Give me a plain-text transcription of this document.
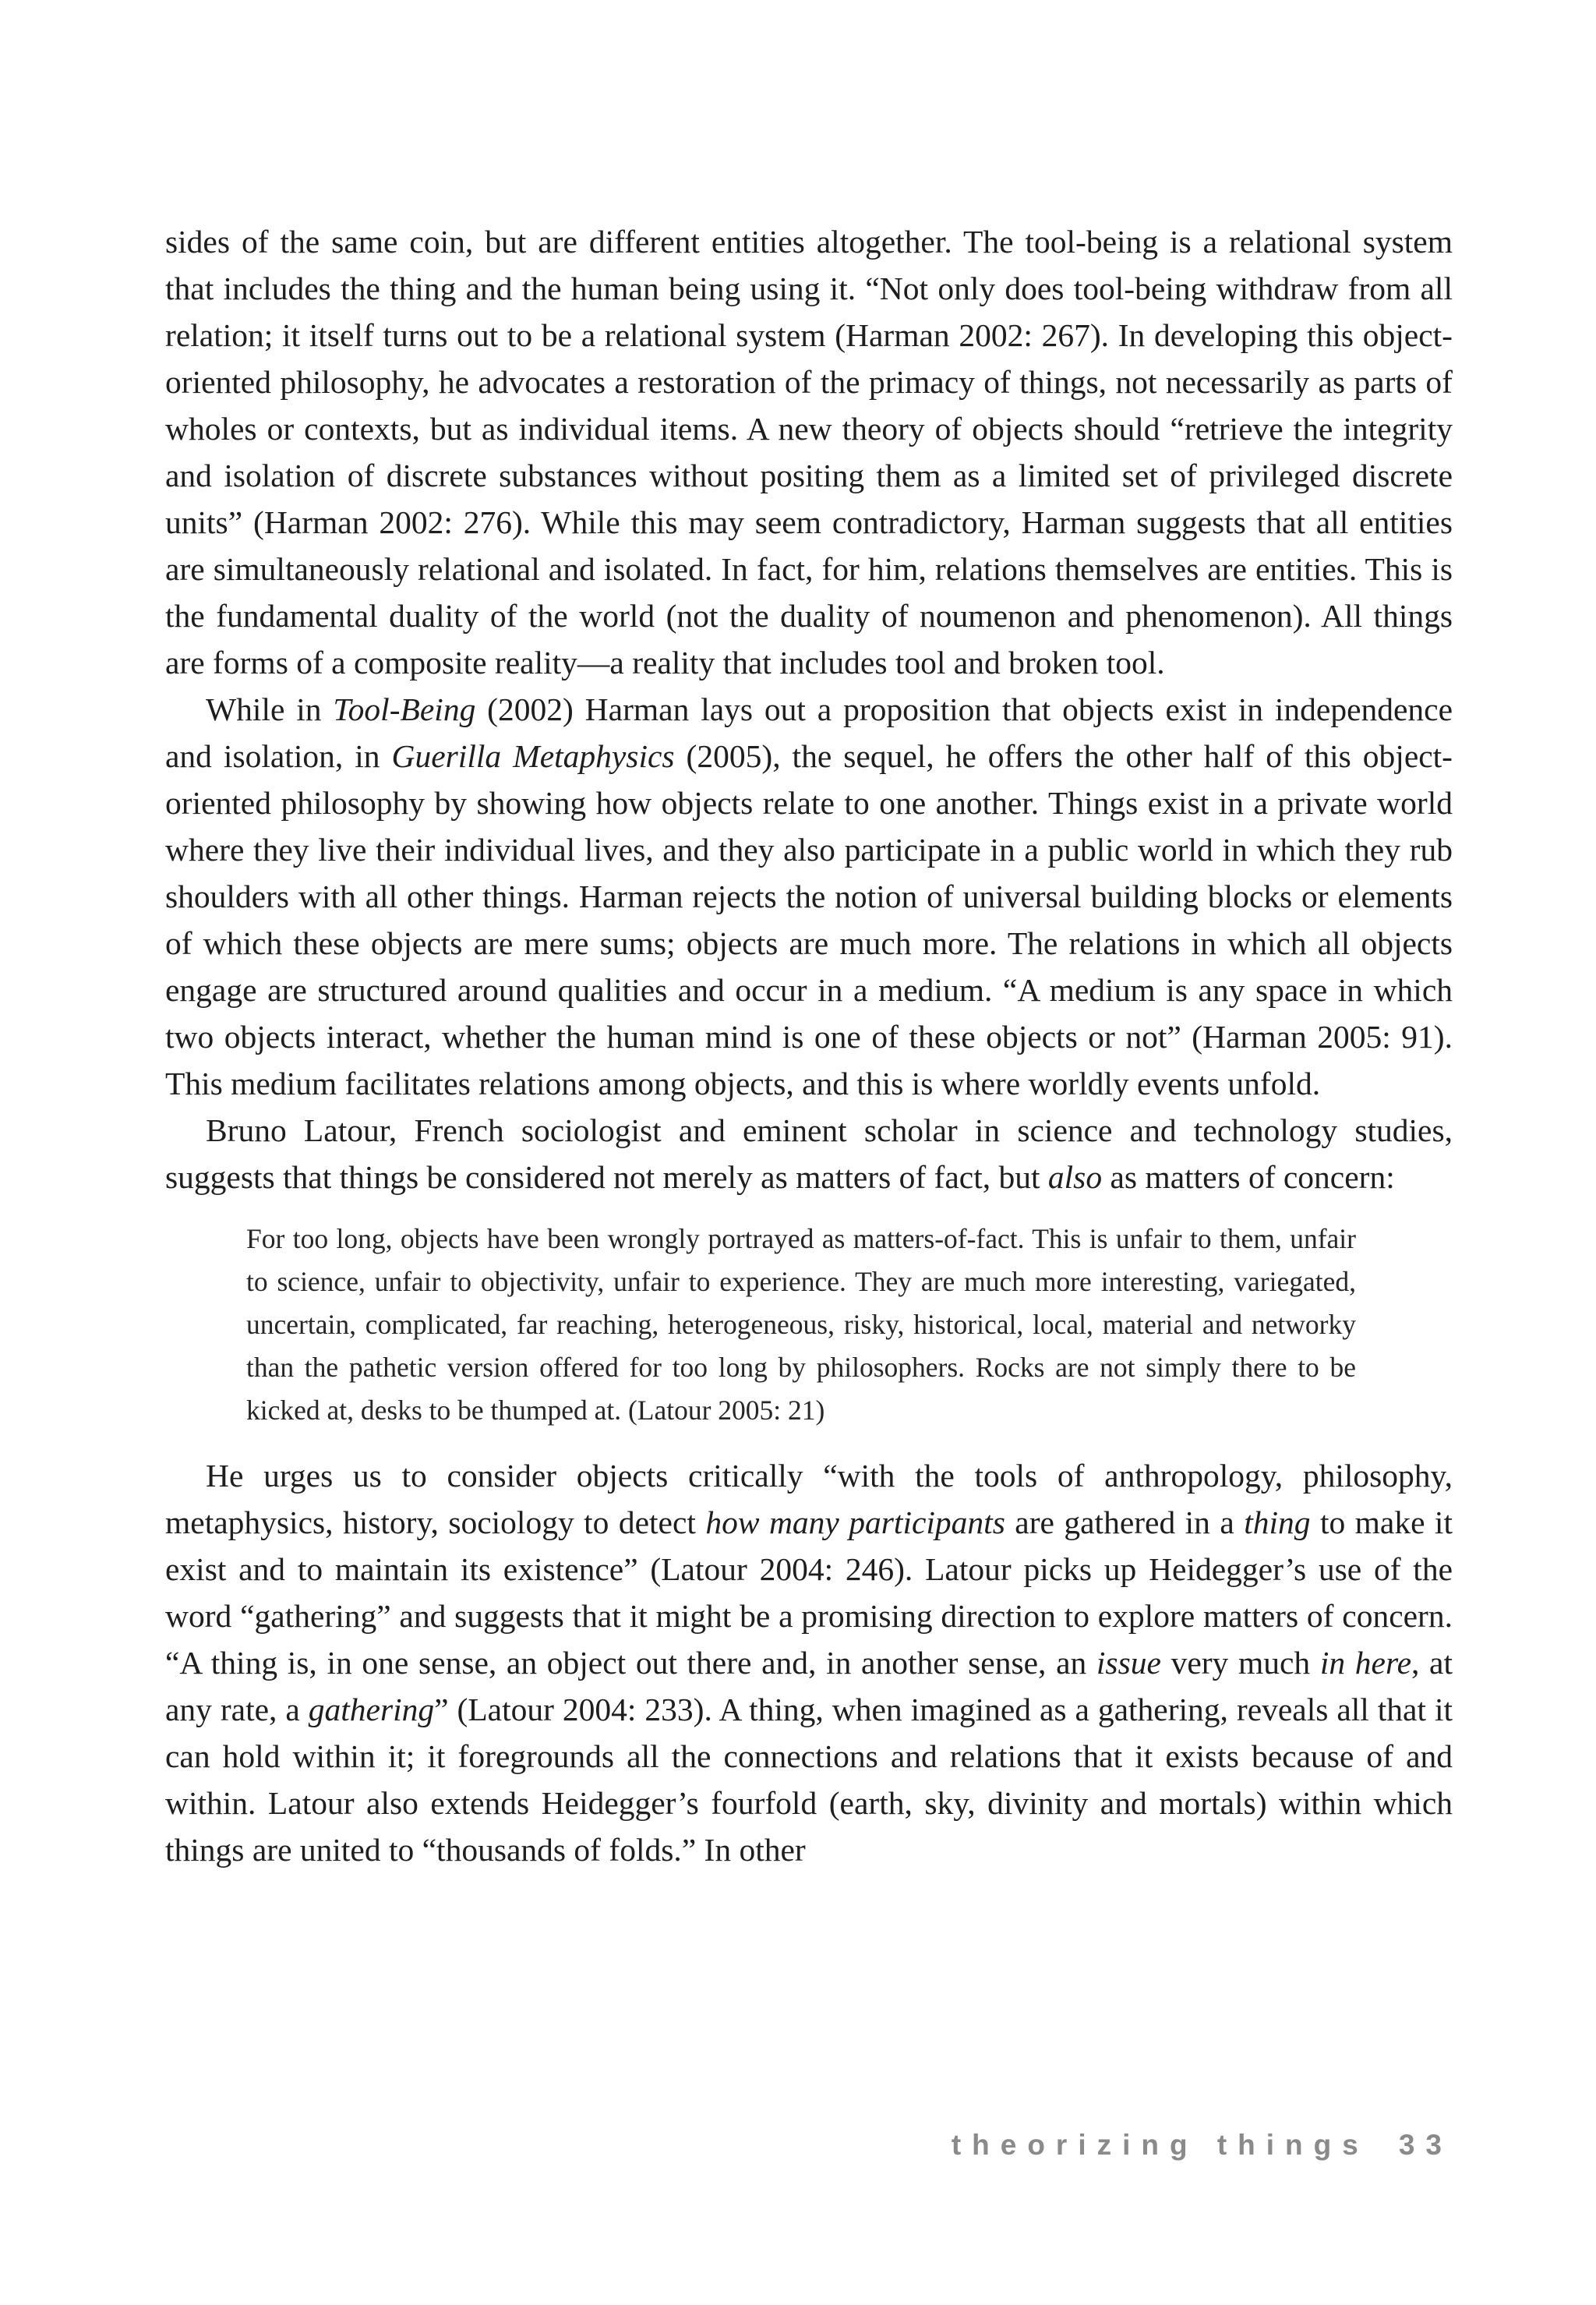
sides of the same coin, but are different entities altogether. The tool-being is a relational system that includes the thing and the human being using it. “Not only does tool-being withdraw from all relation; it itself turns out to be a relational system (Harman 2002: 267). In developing this object-oriented philosophy, he advocates a restoration of the primacy of things, not necessarily as parts of wholes or contexts, but as individual items. A new theory of objects should “retrieve the integrity and isolation of discrete substances without positing them as a limited set of privileged discrete units” (Harman 2002: 276). While this may seem contradictory, Harman suggests that all entities are simultaneously relational and isolated. In fact, for him, relations themselves are entities. This is the fundamental duality of the world (not the duality of noumenon and phenomenon). All things are forms of a composite reality—a reality that includes tool and broken tool.

While in Tool-Being (2002) Harman lays out a proposition that objects exist in independence and isolation, in Guerilla Metaphysics (2005), the sequel, he offers the other half of this object-oriented philosophy by showing how objects relate to one another. Things exist in a private world where they live their individual lives, and they also participate in a public world in which they rub shoulders with all other things. Harman rejects the notion of universal building blocks or elements of which these objects are mere sums; objects are much more. The relations in which all objects engage are structured around qualities and occur in a medium. “A medium is any space in which two objects interact, whether the human mind is one of these objects or not” (Harman 2005: 91). This medium facilitates relations among objects, and this is where worldly events unfold.

Bruno Latour, French sociologist and eminent scholar in science and technology studies, suggests that things be considered not merely as matters of fact, but also as matters of concern:

For too long, objects have been wrongly portrayed as matters-of-fact. This is unfair to them, unfair to science, unfair to objectivity, unfair to experience. They are much more interesting, variegated, uncertain, complicated, far reaching, heterogeneous, risky, historical, local, material and networky than the pathetic version offered for too long by philosophers. Rocks are not simply there to be kicked at, desks to be thumped at. (Latour 2005: 21)

He urges us to consider objects critically “with the tools of anthropology, philosophy, metaphysics, history, sociology to detect how many participants are gathered in a thing to make it exist and to maintain its existence” (Latour 2004: 246). Latour picks up Heidegger’s use of the word “gathering” and suggests that it might be a promising direction to explore matters of concern. “A thing is, in one sense, an object out there and, in another sense, an issue very much in here, at any rate, a gathering” (Latour 2004: 233). A thing, when imagined as a gathering, reveals all that it can hold within it; it foregrounds all the connections and relations that it exists because of and within. Latour also extends Heidegger’s fourfold (earth, sky, divinity and mortals) within which things are united to “thousands of folds.” In other

theorizing things 33
